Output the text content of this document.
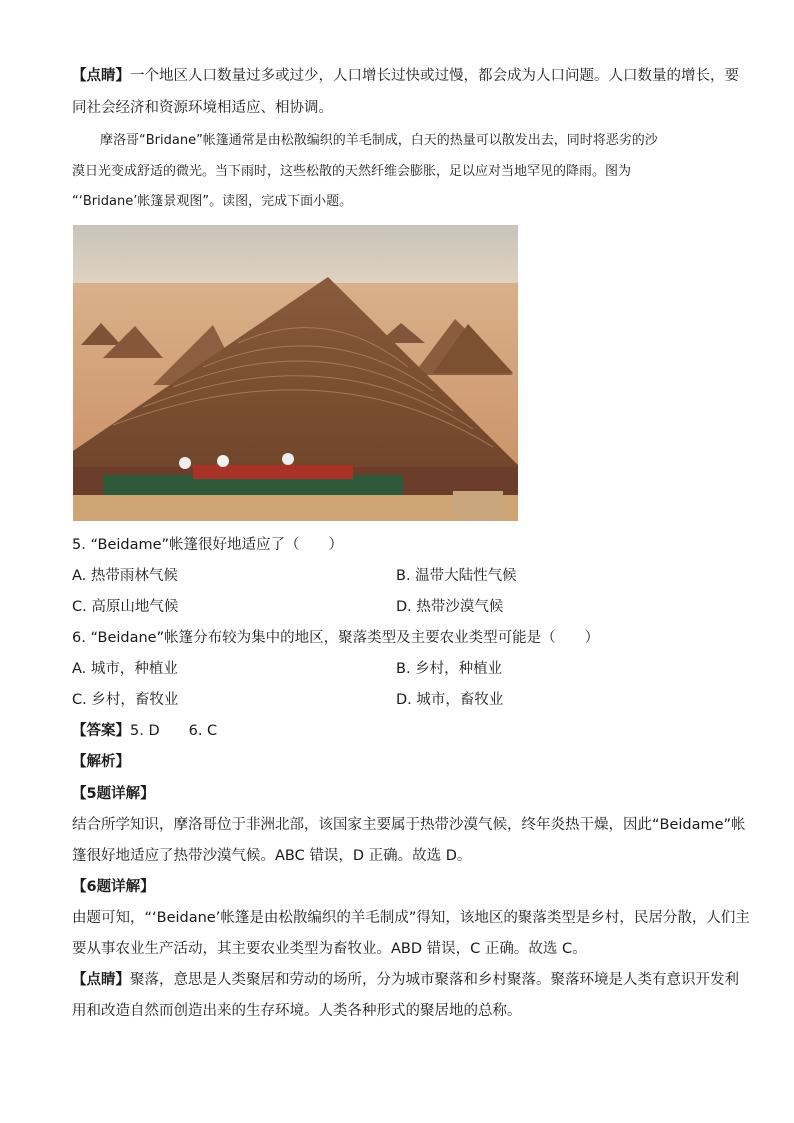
【点睛】一个地区人口数量过多或过少，人口增长过快或过慢，都会成为人口问题。人口数量的增长，要
同社会经济和资源环境相适应、相协调。
摩洛哥“Bridane”帐篷通常是由松散编织的羊毛制成，白天的热量可以散发出去，同时将恶劣的沙
漠日光变成舒适的微光。当下雨时，这些松散的天然纤维会膨胀，足以应对当地罕见的降雨。图为
“‘Bridane’帐篷景观图”。读图，完成下面小题。
5. “Beidame”帐篷很好地适应了（　　）
A. 热带雨林气候	B. 温带大陆性气候
C. 高原山地气候	D. 热带沙漠气候
6. “Beidane”帐篷分布较为集中的地区，聚落类型及主要农业类型可能是（　　）
A. 城市，种植业	B. 乡村，种植业
C. 乡村，畜牧业	D. 城市，畜牧业
【答案】5. D　　6. C
【解析】
【5题详解】
结合所学知识，摩洛哥位于非洲北部，该国家主要属于热带沙漠气候，终年炎热干燥，因此“Beidame”帐
篷很好地适应了热带沙漠气候。ABC 错误，D 正确。故选 D。
【6题详解】
由题可知，“‘Beidane’帐篷是由松散编织的羊毛制成”得知，该地区的聚落类型是乡村，民居分散，人们主
要从事农业生产活动，其主要农业类型为畜牧业。ABD 错误，C 正确。故选 C。
【点睛】聚落，意思是人类聚居和劳动的场所，分为城市聚落和乡村聚落。聚落环境是人类有意识开发利
用和改造自然而创造出来的生存环境。人类各种形式的聚居地的总称。
